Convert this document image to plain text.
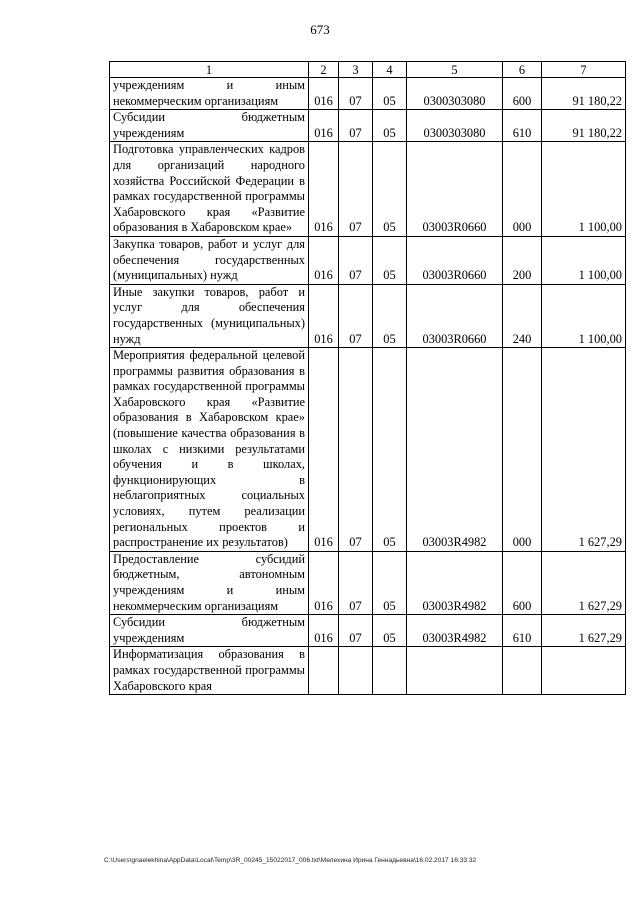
673
1	2	3	4	5	6	7
учреждениям и иным некоммерческим организациям	016	07	05	0300303080	600	91 180,22
Субсидии бюджетным учреждениям	016	07	05	0300303080	610	91 180,22
Подготовка управленческих кадров для организаций народного хозяйства Российской Федерации в рамках государственной программы Хабаровского края «Развитие образования в Хабаровском крае»	016	07	05	03003R0660	000	1 100,00
Закупка товаров, работ и услуг для обеспечения государственных (муниципальных) нужд	016	07	05	03003R0660	200	1 100,00
Иные закупки товаров, работ и услуг для обеспечения государственных (муниципальных) нужд	016	07	05	03003R0660	240	1 100,00
Мероприятия федеральной целевой программы развития образования в рамках государственной программы Хабаровского края «Развитие образования в Хабаровском крае» (повышение качества образования в школах с низкими результатами обучения и в школах, функционирующих в неблагоприятных социальных условиях, путем реализации региональных проектов и распространение их результатов)	016	07	05	03003R4982	000	1 627,29
Предоставление субсидий бюджетным, автономным учреждениям и иным некоммерческим организациям	016	07	05	03003R4982	600	1 627,29
Субсидии бюджетным учреждениям	016	07	05	03003R4982	610	1 627,29
Информатизация образования в рамках государственной программы Хабаровского края						
C:\Users\gnaelekhina\AppData\Local\Temp\3R_00245_15022017_006.txt\Мелехина Ирина Геннадьевна\16.02.2017 16:33:32
